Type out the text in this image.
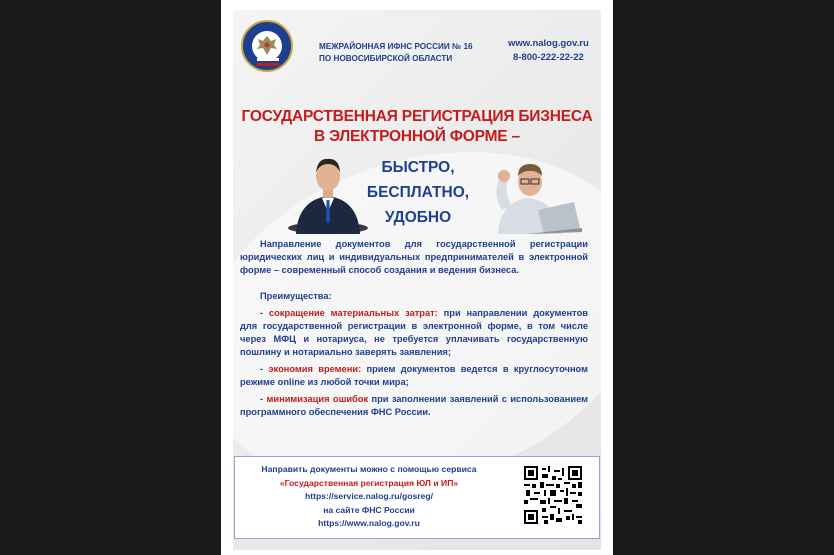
МЕЖРАЙОННАЯ ИФНС РОССИИ № 16
ПО НОВОСИБИРСКОЙ ОБЛАСТИ
www.nalog.gov.ru
8-800-222-22-22
ГОСУДАРСТВЕННАЯ РЕГИСТРАЦИЯ БИЗНЕСА
В ЭЛЕКТРОННОЙ ФОРМЕ –
БЫСТРО,
БЕСПЛАТНО,
УДОБНО

Направление документов для государственной регистрации юридических лиц и индивидуальных предпринимателей в электронной форме – современный способ создания и ведения бизнеса.

Преимущества:

- сокращение материальных затрат: при направлении документов для государственной регистрации в электронной форме, в том числе через МФЦ и нотариуса, не требуется уплачивать государственную пошлину и нотариально заверять заявления;

- экономия времени: прием документов ведется в круглосуточном режиме online из любой точки мира;

- минимизация ошибок при заполнении заявлений с использованием программного обеспечения ФНС России.

Направить документы можно с помощью сервиса
«Государственная регистрация ЮЛ и ИП»
https://service.nalog.ru/gosreg/
на сайте ФНС России
https://www.nalog.gov.ru
